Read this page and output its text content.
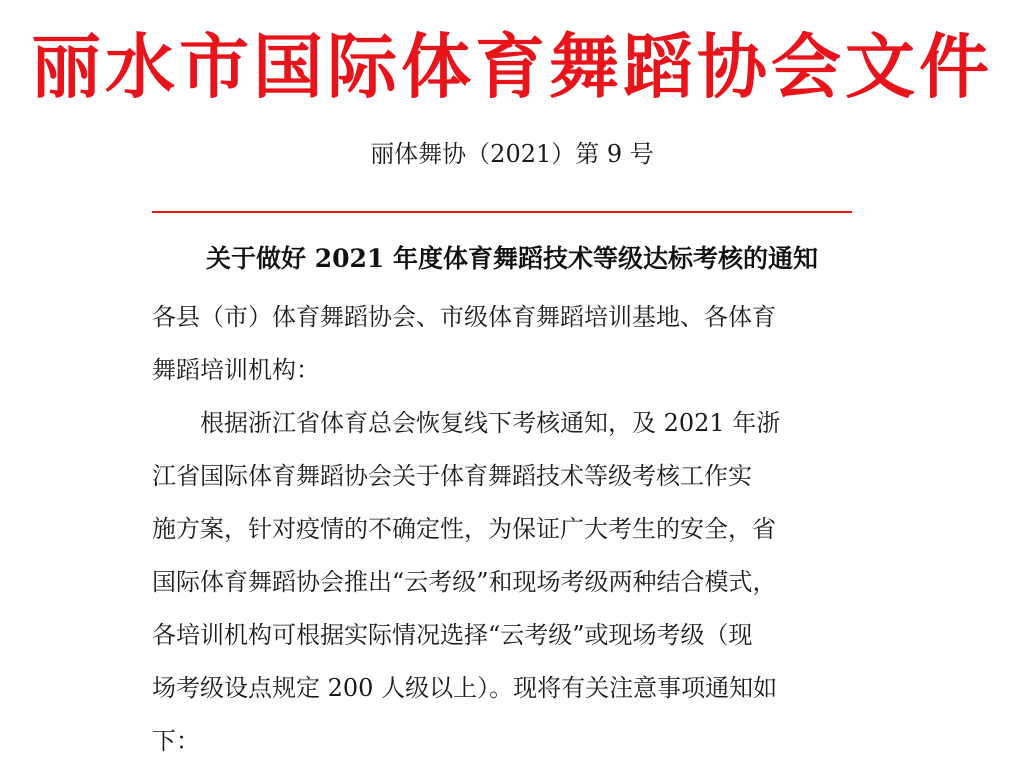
丽水市国际体育舞蹈协会文件
丽体舞协（2021）第 9 号
关于做好 2021 年度体育舞蹈技术等级达标考核的通知
各县（市）体育舞蹈协会、市级体育舞蹈培训基地、各体育
舞蹈培训机构：
　　根据浙江省体育总会恢复线下考核通知，及 2021 年浙
江省国际体育舞蹈协会关于体育舞蹈技术等级考核工作实
施方案，针对疫情的不确定性，为保证广大考生的安全，省
国际体育舞蹈协会推出“云考级”和现场考级两种结合模式，
各培训机构可根据实际情况选择“云考级”或现场考级（现
场考级设点规定 200 人级以上）。现将有关注意事项通知如
下：
